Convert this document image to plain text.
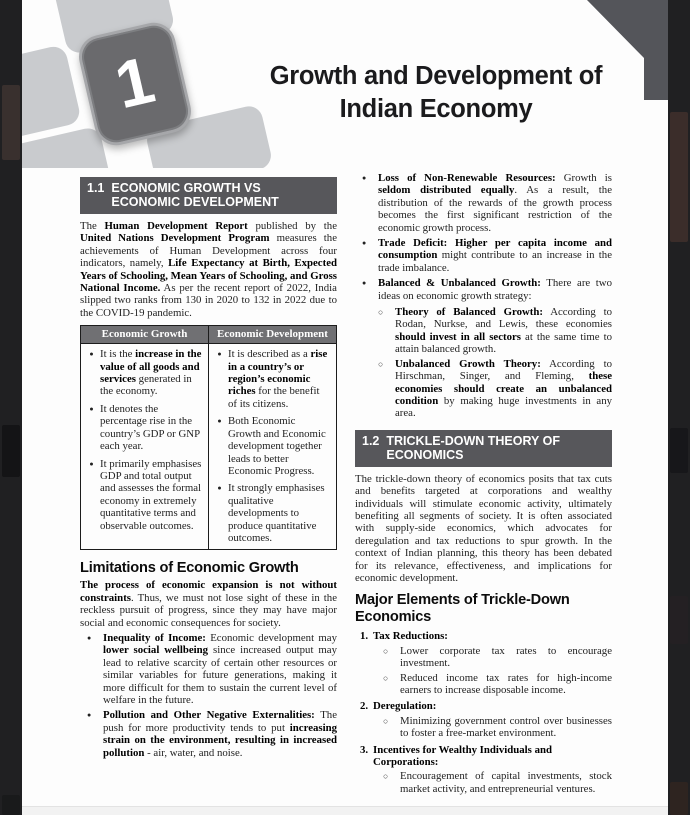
1	Growth and Development of
Indian Economy
1.1 ECONOMIC GROWTH VS ECONOMIC DEVELOPMENT

The Human Development Report published by the United Nations Development Program measures the achievements of Human Development across four indicators, namely, Life Expectancy at Birth, Expected Years of Schooling, Mean Years of Schooling, and Gross National Income. As per the recent report of 2022, India slipped two ranks from 130 in 2020 to 132 in 2022 due to the COVID-19 pandemic.

Economic Growth	Economic Development

● It is the increase in the value of all goods and services generated in the economy.
● It denotes the percentage rise in the country’s GDP or GNP each year.
● It primarily emphasises GDP and total output and assesses the formal economy in extremely quantitative terms and observable outcomes.

● It is described as a rise in a country’s or region’s economic riches for the benefit of its citizens.
● Both Economic Growth and Economic development together leads to better Economic Progress.
● It strongly emphasises qualitative developments to produce quantitative outcomes.
Limitations of Economic Growth

The process of economic expansion is not without constraints. Thus, we must not lose sight of these in the reckless pursuit of progress, since they may have major social and economic consequences for society.

●	Inequality of Income: Economic development may lower social wellbeing since increased output may lead to relative scarcity of certain other resources or similar variables for future generations, making it more difficult for them to sustain the current level of welfare in the future.
●	Pollution and Other Negative Externalities: The push for more productivity tends to put increasing strain on the environment, resulting in increased pollution - air, water, and noise.
●	Loss of Non-Renewable Resources: Growth is seldom distributed equally. As a result, the distribution of the rewards of the growth process becomes the first significant restriction of the economic growth process.
●	Trade Deficit: Higher per capita income and consumption might contribute to an increase in the trade imbalance.
●	Balanced & Unbalanced Growth: There are two ideas on economic growth strategy:
○	Theory of Balanced Growth: According to Rodan, Nurkse, and Lewis, these economies should invest in all sectors at the same time to attain balanced growth.
○	Unbalanced Growth Theory: According to Hirschman, Singer, and Fleming, these economies should create an unbalanced condition by making huge investments in any area.
1.2 TRICKLE-DOWN THEORY OF ECONOMICS

The trickle-down theory of economics posits that tax cuts and benefits targeted at corporations and wealthy individuals will stimulate economic activity, ultimately benefiting all segments of society. It is often associated with supply-side economics, which advocates for deregulation and tax reductions to spur growth. In the context of Indian planning, this theory has been debated for its relevance, effectiveness, and implications for economic development.

Major Elements of Trickle-Down Economics
1. Tax Reductions:
○	Lower corporate tax rates to encourage investment.
○	Reduced income tax rates for high-income earners to increase disposable income.
2. Deregulation:
○	Minimizing government control over businesses to foster a free-market environment.
3. Incentives for Wealthy Individuals and Corporations:
○	Encouragement of capital investments, stock market activity, and entrepreneurial ventures.
